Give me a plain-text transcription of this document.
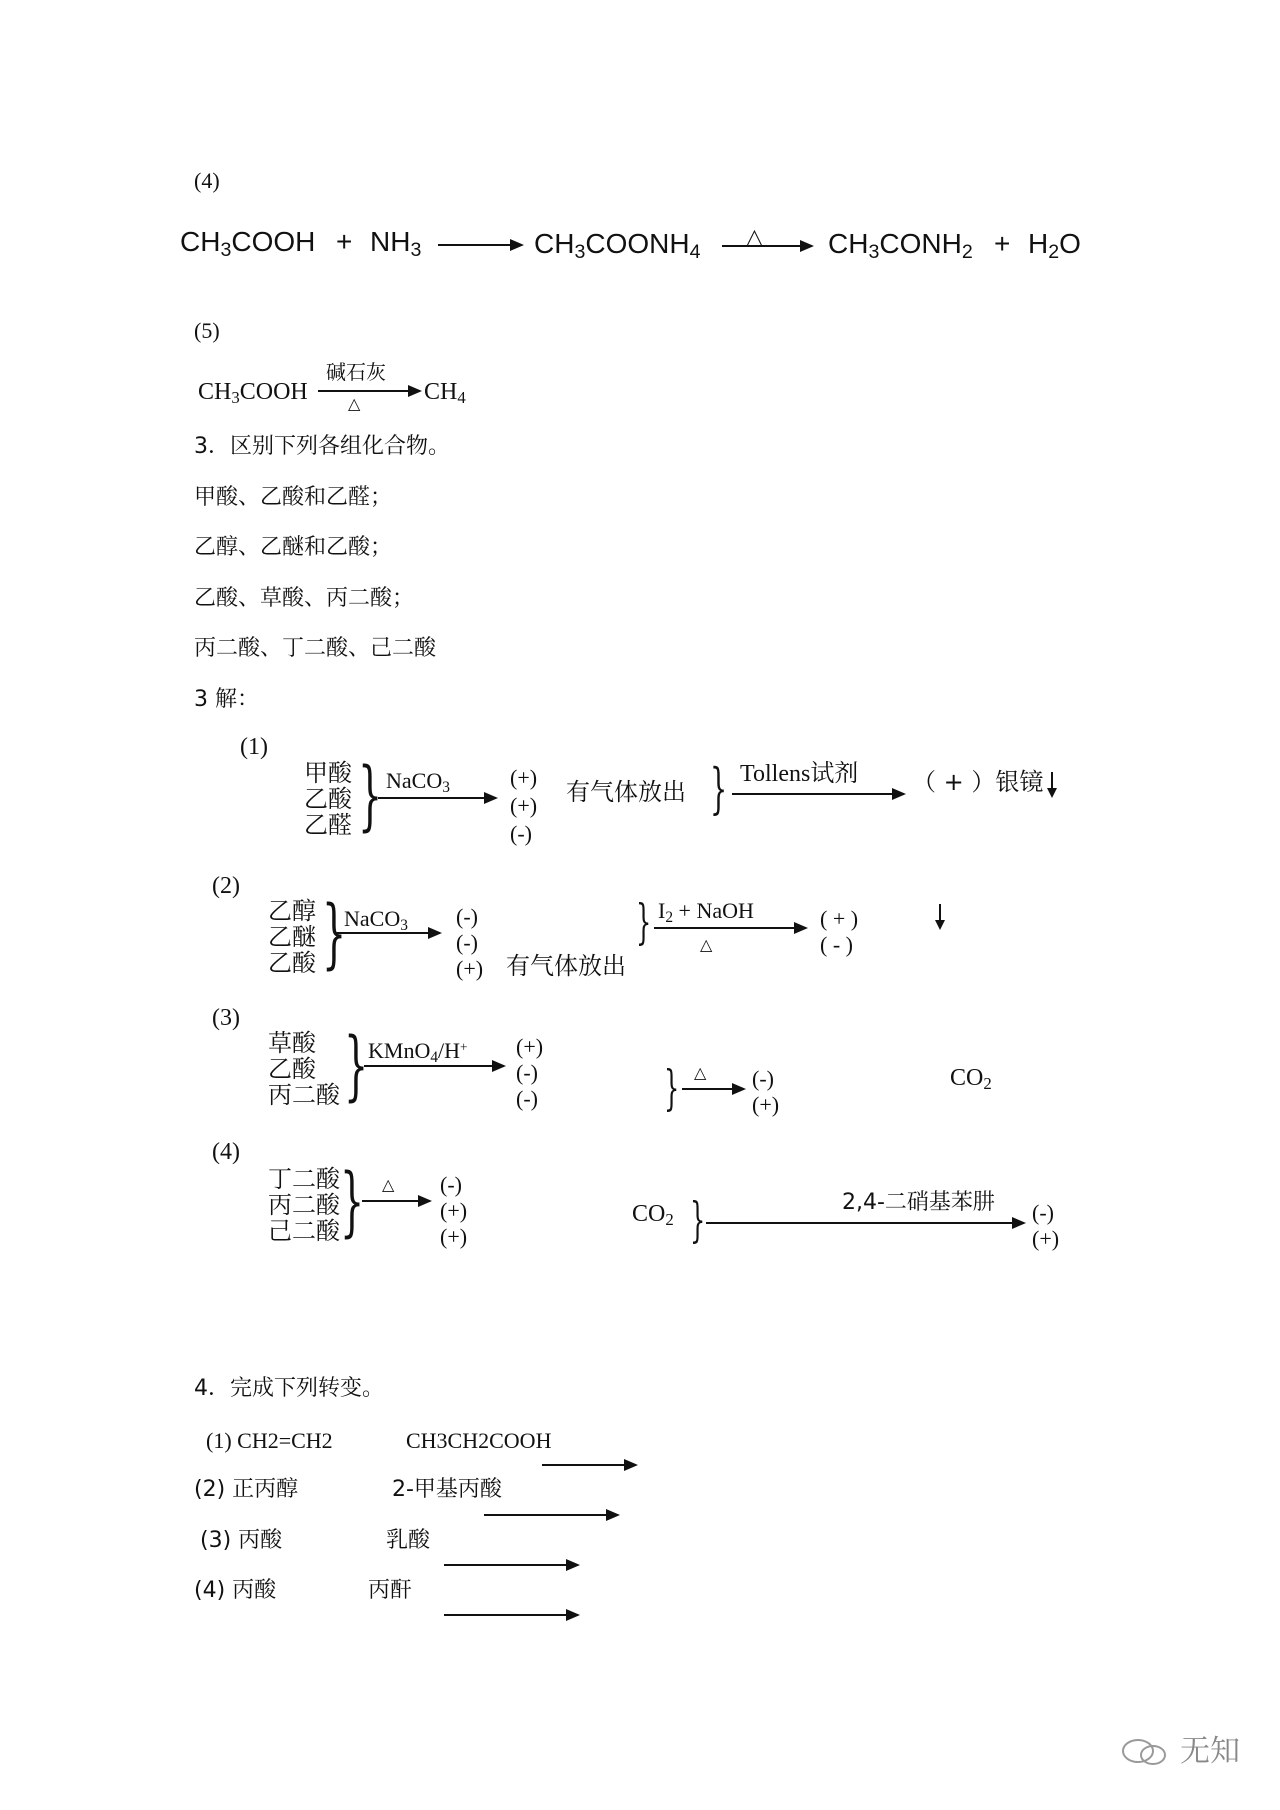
(4)
$CH_3COOH + NH_3$	$CH_3COONH_4$
△ $CH_3CONH_2 + H_2O$
(5)
$CH_3COOH$
碱石灰
△	$CH_4$
3．区别下列各组化合物。
甲酸、乙酸和乙醛；
乙醇、乙醚和乙酸；
乙酸、草酸、丙二酸；
丙二酸、丁二酸、己二酸
3 解：
(1)
甲酸
乙酸
乙醛 } NaCO$_3$	(+)
(+)
(-)
有气体放出 } Tollens试剂 （ + ）银镜
(2)
乙醇
乙醚
乙酸 }
NaCO$_3$ (-)
(-)
(+) 有气体放出
} $I_2$ + NaOH
△
( + )
( - )
(3)
草酸
乙酸
丙二酸 } KMnO$_4$/H+ (+)
(-)
(-)	} △ → (-)
(+)
$CO_2$
(4)
丁二酸
丙二酸
己二酸 } △ (-)
(+)
(+)
$CO_2$ }	2,4-二硝基苯肼 (-)
(+)
4．完成下列转变。
(1) CH2=CH2	CH3CH2COOH
(2) 正丙醇	2-甲基丙酸
(3) 丙酸	乳酸
(4) 丙酸	丙酐
无知
